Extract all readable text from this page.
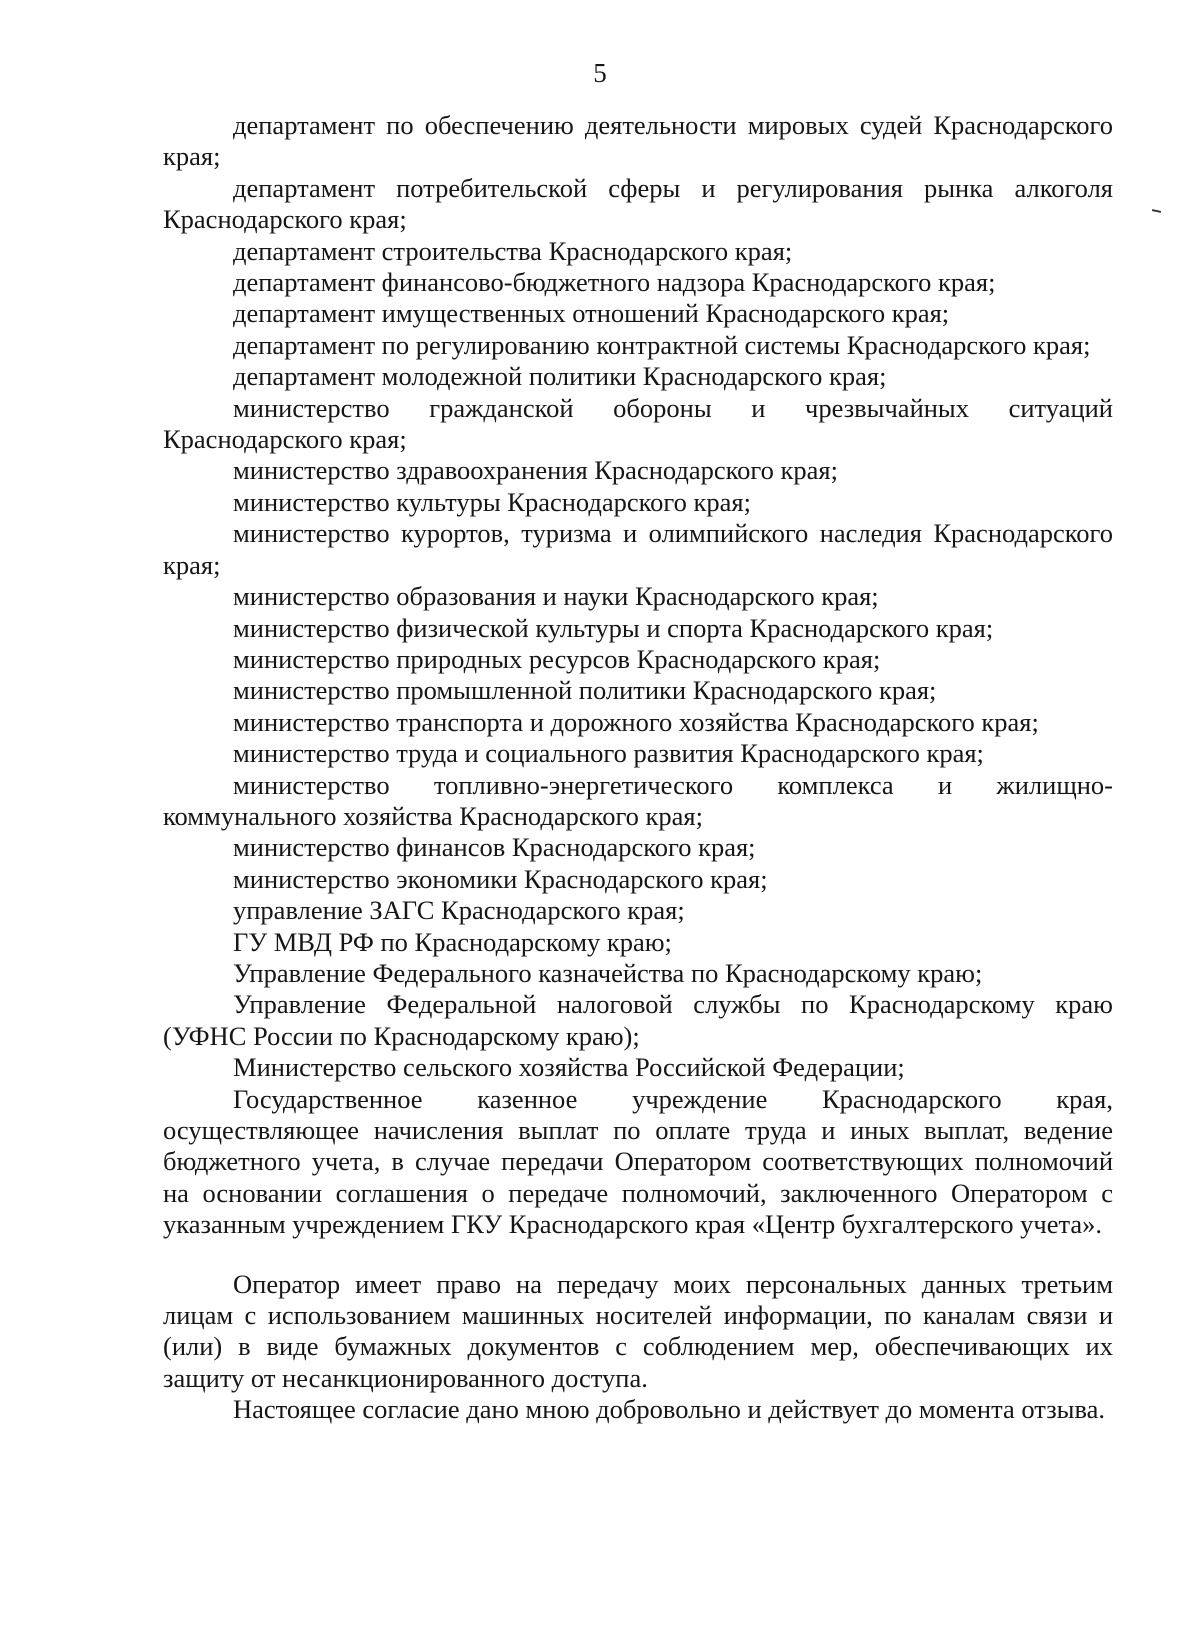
5

департамент по обеспечению деятельности мировых судей Краснодарского края;

департамент потребительской сферы и регулирования рынка алкоголя Краснодарского края;

департамент строительства Краснодарского края;

департамент финансово-бюджетного надзора Краснодарского края;

департамент имущественных отношений Краснодарского края;

департамент по регулированию контрактной системы Краснодарского края;

департамент молодежной политики Краснодарского края;

министерство гражданской обороны и чрезвычайных ситуаций Краснодарского края;

министерство здравоохранения Краснодарского края;

министерство культуры Краснодарского края;

министерство курортов, туризма и олимпийского наследия Краснодарского края;

министерство образования и науки Краснодарского края;

министерство физической культуры и спорта Краснодарского края;

министерство природных ресурсов Краснодарского края;

министерство промышленной политики Краснодарского края;

министерство транспорта и дорожного хозяйства Краснодарского края;

министерство труда и социального развития Краснодарского края;

министерство топливно-энергетического комплекса и жилищно-коммунального хозяйства Краснодарского края;

министерство финансов Краснодарского края;

министерство экономики Краснодарского края;

управление ЗАГС Краснодарского края;

ГУ МВД РФ по Краснодарскому краю;

Управление Федерального казначейства по Краснодарскому краю;

Управление Федеральной налоговой службы по Краснодарскому краю (УФНС России по Краснодарскому краю);

Министерство сельского хозяйства Российской Федерации;

Государственное казенное учреждение Краснодарского края, осуществляющее начисления выплат по оплате труда и иных выплат, ведение бюджетного учета, в случае передачи Оператором соответствующих полномочий на основании соглашения о передаче полномочий, заключенного Оператором с указанным учреждением ГКУ Краснодарского края «Центр бухгалтерского учета».

Оператор имеет право на передачу моих персональных данных третьим лицам с использованием машинных носителей информации, по каналам связи и (или) в виде бумажных документов с соблюдением мер, обеспечивающих их защиту от несанкционированного доступа.

Настоящее согласие дано мною добровольно и действует до момента отзыва.
